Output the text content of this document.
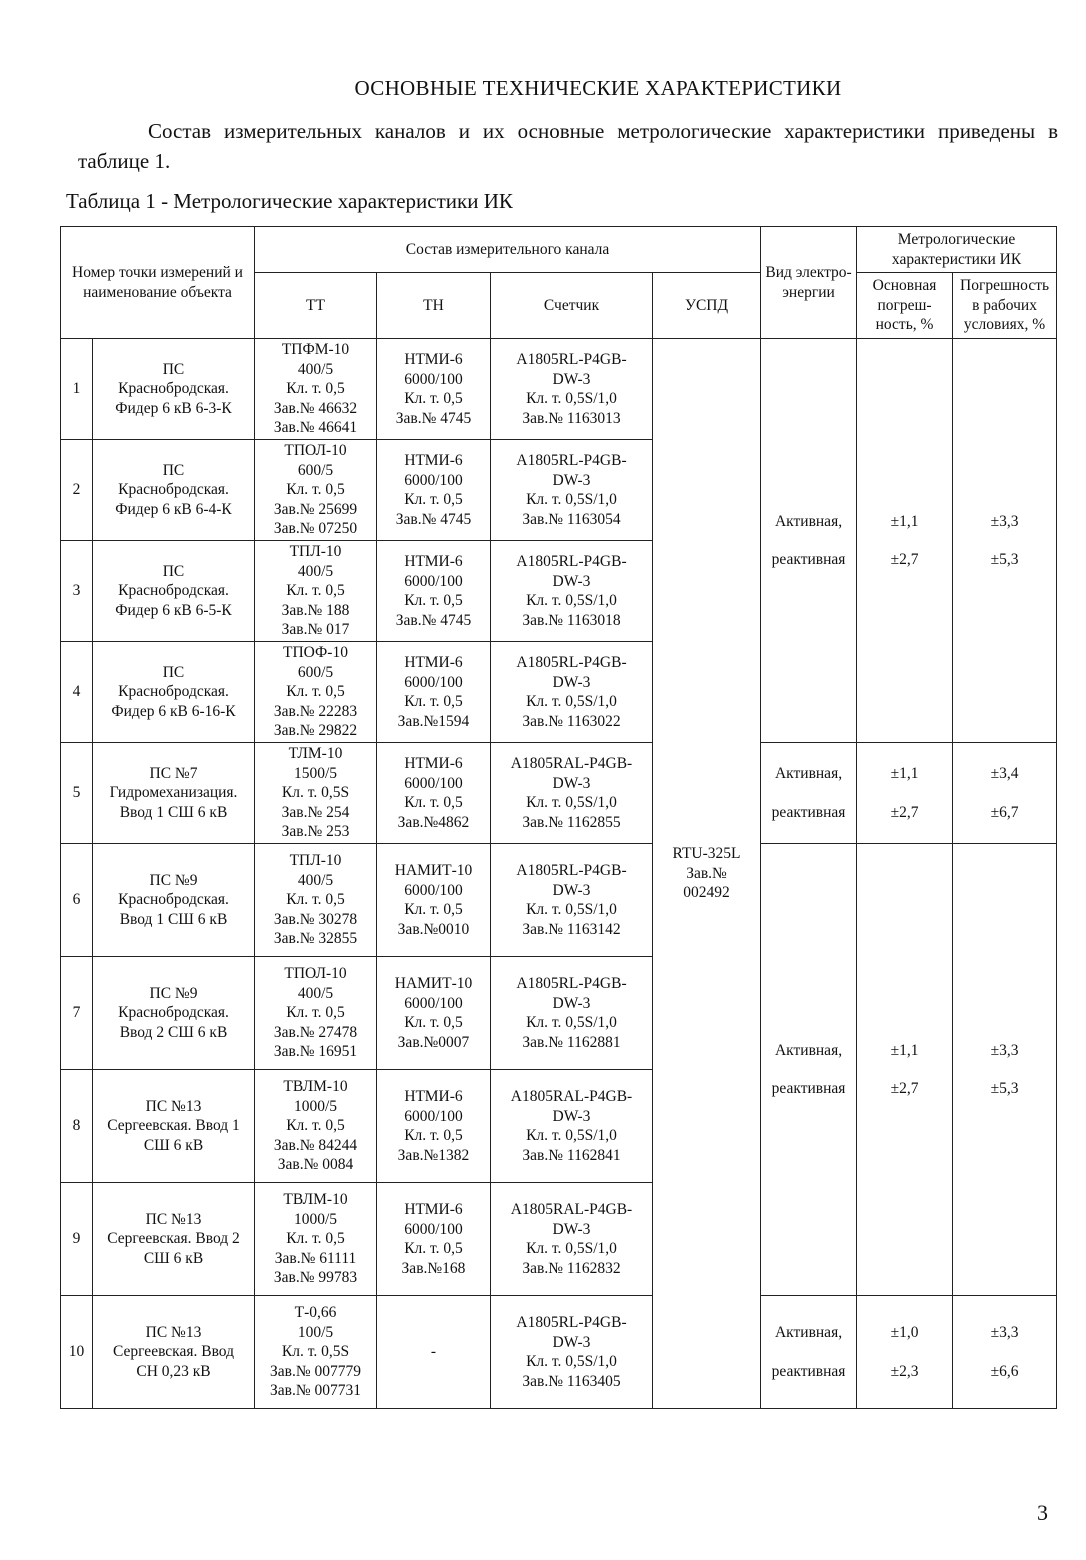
ОСНОВНЫЕ ТЕХНИЧЕСКИЕ ХАРАКТЕРИСТИКИ
Состав измерительных каналов и их основные метрологические характеристики приведены в таблице 1.
Таблица 1 - Метрологические характеристики ИК
Номер точки измерений и наименование объекта		Состав измерительного канала				Вид электро-энергии	Метрологические характеристики ИК	
		ТТ	ТН	Счетчик	УСПД		Основная погреш-ность, %	Погрешность в рабочих условиях, %
1	ПС
Краснобродская.
Фидер 6 кВ 6-3-К	ТПФМ-10
400/5
Кл. т. 0,5
Зав.№ 46632
Зав.№ 46641	НТМИ-6
6000/100
Кл. т. 0,5
Зав.№ 4745	А1805RL-P4GB-
DW-3
Кл. т. 0,5S/1,0
Зав.№ 1163013	RTU-325L
Зав.№
002492	Активная,
реактивная	±1,1
±2,7	±3,3
±5,3

2	ПС
Краснобродская.
Фидер 6 кВ 6-4-К	ТПОЛ-10
600/5
Кл. т. 0,5
Зав.№ 25699
Зав.№ 07250	НТМИ-6
6000/100
Кл. т. 0,5
Зав.№ 4745	А1805RL-P4GB-
DW-3
Кл. т. 0,5S/1,0
Зав.№ 1163054				

3	ПС
Краснобродская.
Фидер 6 кВ 6-5-К	ТПЛ-10
400/5
Кл. т. 0,5
Зав.№ 188
Зав.№ 017	НТМИ-6
6000/100
Кл. т. 0,5
Зав.№ 4745	А1805RL-P4GB-
DW-3
Кл. т. 0,5S/1,0
Зав.№ 1163018				

4	ПС
Краснобродская.
Фидер 6 кВ 6-16-К	ТПОФ-10
600/5
Кл. т. 0,5
Зав.№ 22283
Зав.№ 29822	НТМИ-6
6000/100
Кл. т. 0,5
Зав.№1594	А1805RL-P4GB-
DW-3
Кл. т. 0,5S/1,0
Зав.№ 1163022				

5	ПС №7
Гидромеханизация.
Ввод 1 СШ 6 кВ	ТЛМ-10
1500/5
Кл. т. 0,5S
Зав.№ 254
Зав.№ 253	НТМИ-6
6000/100
Кл. т. 0,5
Зав.№4862	А1805RAL-P4GB-
DW-3
Кл. т. 0,5S/1,0
Зав.№ 1162855		Активная,
реактивная	±1,1
±2,7	±3,4
±6,7

6	ПС №9
Краснобродская.
Ввод 1 СШ 6 кВ	ТПЛ-10
400/5
Кл. т. 0,5
Зав.№ 30278
Зав.№ 32855	НАМИТ-10
6000/100
Кл. т. 0,5
Зав.№0010	А1805RL-P4GB-
DW-3
Кл. т. 0,5S/1,0
Зав.№ 1163142		Активная,
реактивная	±1,1
±2,7	±3,3
±5,3

7	ПС №9
Краснобродская.
Ввод 2 СШ 6 кВ	ТПОЛ-10
400/5
Кл. т. 0,5
Зав.№ 27478
Зав.№ 16951	НАМИТ-10
6000/100
Кл. т. 0,5
Зав.№0007	А1805RL-P4GB-
DW-3
Кл. т. 0,5S/1,0
Зав.№ 1162881				

8	ПС №13
Сергеевская. Ввод 1
СШ 6 кВ	ТВЛМ-10
1000/5
Кл. т. 0,5
Зав.№ 84244
Зав.№ 0084	НТМИ-6
6000/100
Кл. т. 0,5
Зав.№1382	А1805RAL-P4GB-
DW-3
Кл. т. 0,5S/1,0
Зав.№ 1162841				

9	ПС №13
Сергеевская. Ввод 2
СШ 6 кВ	ТВЛМ-10
1000/5
Кл. т. 0,5
Зав.№ 61111
Зав.№ 99783	НТМИ-6
6000/100
Кл. т. 0,5
Зав.№168	А1805RAL-P4GB-
DW-3
Кл. т. 0,5S/1,0
Зав.№ 1162832				

10	ПС №13
Сергеевская. Ввод
СН 0,23 кВ	Т-0,66
100/5
Кл. т. 0,5S
Зав.№ 007779
Зав.№ 007731	-	А1805RL-P4GB-
DW-3
Кл. т. 0,5S/1,0
Зав.№ 1163405		Активная,
реактивная	±1,0
±2,3	±3,3
±6,6
3
